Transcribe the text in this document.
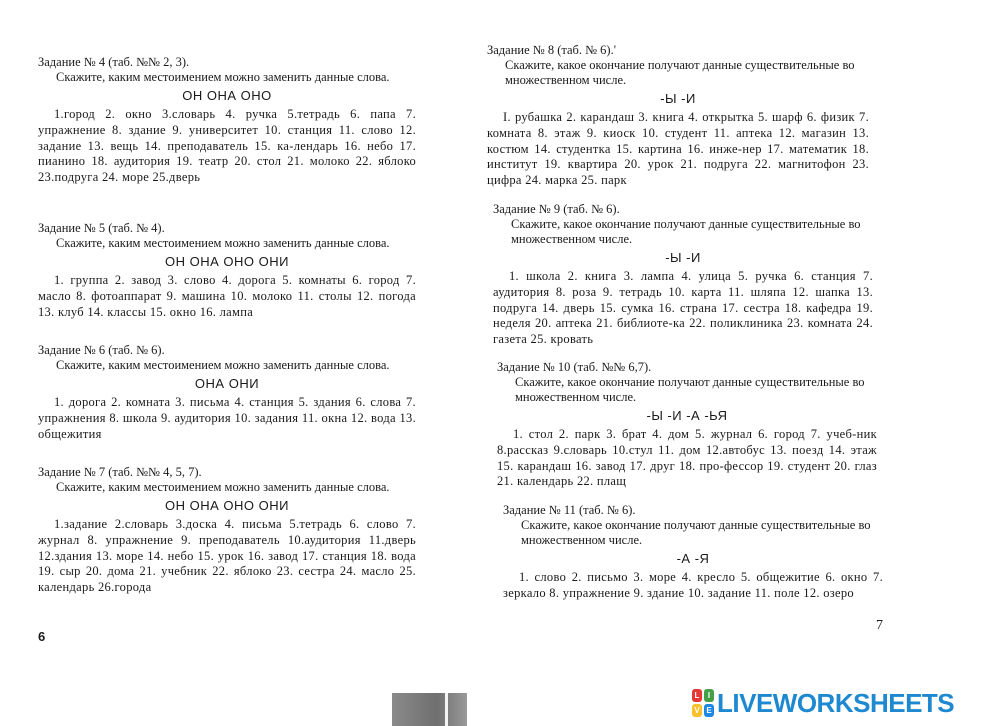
Задание № 4 (таб. №№ 2, 3).
Скажите, каким местоимением можно заменить данные слова.
ОН ОНА ОНО
1.город 2. окно 3.словарь 4. ручка 5.тетрадь 6. папа 7. упражнение 8. здание 9. университет 10. станция 11. слово 12. задание 13. вещь 14. преподаватель 15. ка-лендарь 16. небо 17. пианино 18. аудитория 19. театр 20. стол 21. молоко 22. яблоко 23.подруга 24. море 25.дверь
Задание № 5 (таб. № 4).
Скажите, каким местоимением можно заменить данные слова.
ОН ОНА ОНО ОНИ
1. группа 2. завод 3. слово 4. дорога 5. комнаты 6. город 7. масло 8. фотоаппарат 9. машина 10. молоко 11. столы 12. погода 13. клуб 14. классы 15. окно 16. лампа
Задание № 6 (таб. № 6).
Скажите, каким местоимением можно заменить данные слова.
ОНА ОНИ
1. дорога 2. комната 3. письма 4. станция 5. здания 6. слова 7. упражнения 8. школа 9. аудитория 10. задания 11. окна 12. вода 13. общежития
Задание № 7 (таб. №№ 4, 5, 7).
Скажите, каким местоимением можно заменить данные слова.
ОН ОНА ОНО ОНИ
1.задание 2.словарь 3.доска 4. письма 5.тетрадь 6. слово 7. журнал 8. упражнение 9. преподаватель 10.аудитория 11.дверь 12.здания 13. море 14. небо 15. урок 16. завод 17. станция 18. вода 19. сыр 20. дома 21. учебник 22. яблоко 23. сестра 24. масло 25. календарь 26.города
6
Задание № 8 (таб. № 6).'
Скажите, какое окончание получают данные существительные во множественном числе.
-Ы -И
I. рубашка 2. карандаш 3. книга 4. открытка 5. шарф 6. физик 7. комната 8. этаж 9. киоск 10. студент 11. аптека 12. магазин 13. костюм 14. студентка 15. картина 16. инже-нер 17. математик 18. институт 19. квартира 20. урок 21. подруга 22. магнитофон 23. цифра 24. марка 25. парк
Задание № 9 (таб. № 6).
Скажите, какое окончание получают данные существительные во множественном числе.
-Ы -И
1. школа 2. книга 3. лампа 4. улица 5. ручка 6. станция 7. аудитория 8. роза 9. тетрадь 10. карта 11. шляпа 12. шапка 13. подруга 14. дверь 15. сумка 16. страна 17. сестра 18. кафедра 19. неделя 20. аптека 21. библиоте-ка 22. поликлиника 23. комната 24. газета 25. кровать
Задание № 10 (таб. №№ 6,7).
Скажите, какое окончание получают данные существительные во множественном числе.
-Ы -И -А -ЬЯ
1. стол 2. парк 3. брат 4. дом 5. журнал 6. город 7. учеб-ник 8.рассказ 9.словарь 10.стул 11. дом 12.автобус 13. поезд 14. этаж 15. карандаш 16. завод 17. друг 18. про-фессор 19. студент 20. глаз 21. календарь 22. плащ
Задание № 11 (таб. № 6).
Скажите, какое окончание получают данные существительные во множественном числе.
-А -Я
1. слово 2. письмо 3. море 4. кресло 5. общежитие 6. окно 7. зеркало 8. упражнение 9. здание 10. задание 11. поле 12. озеро
7
L	I
V E LIVEWORKSHEETS
